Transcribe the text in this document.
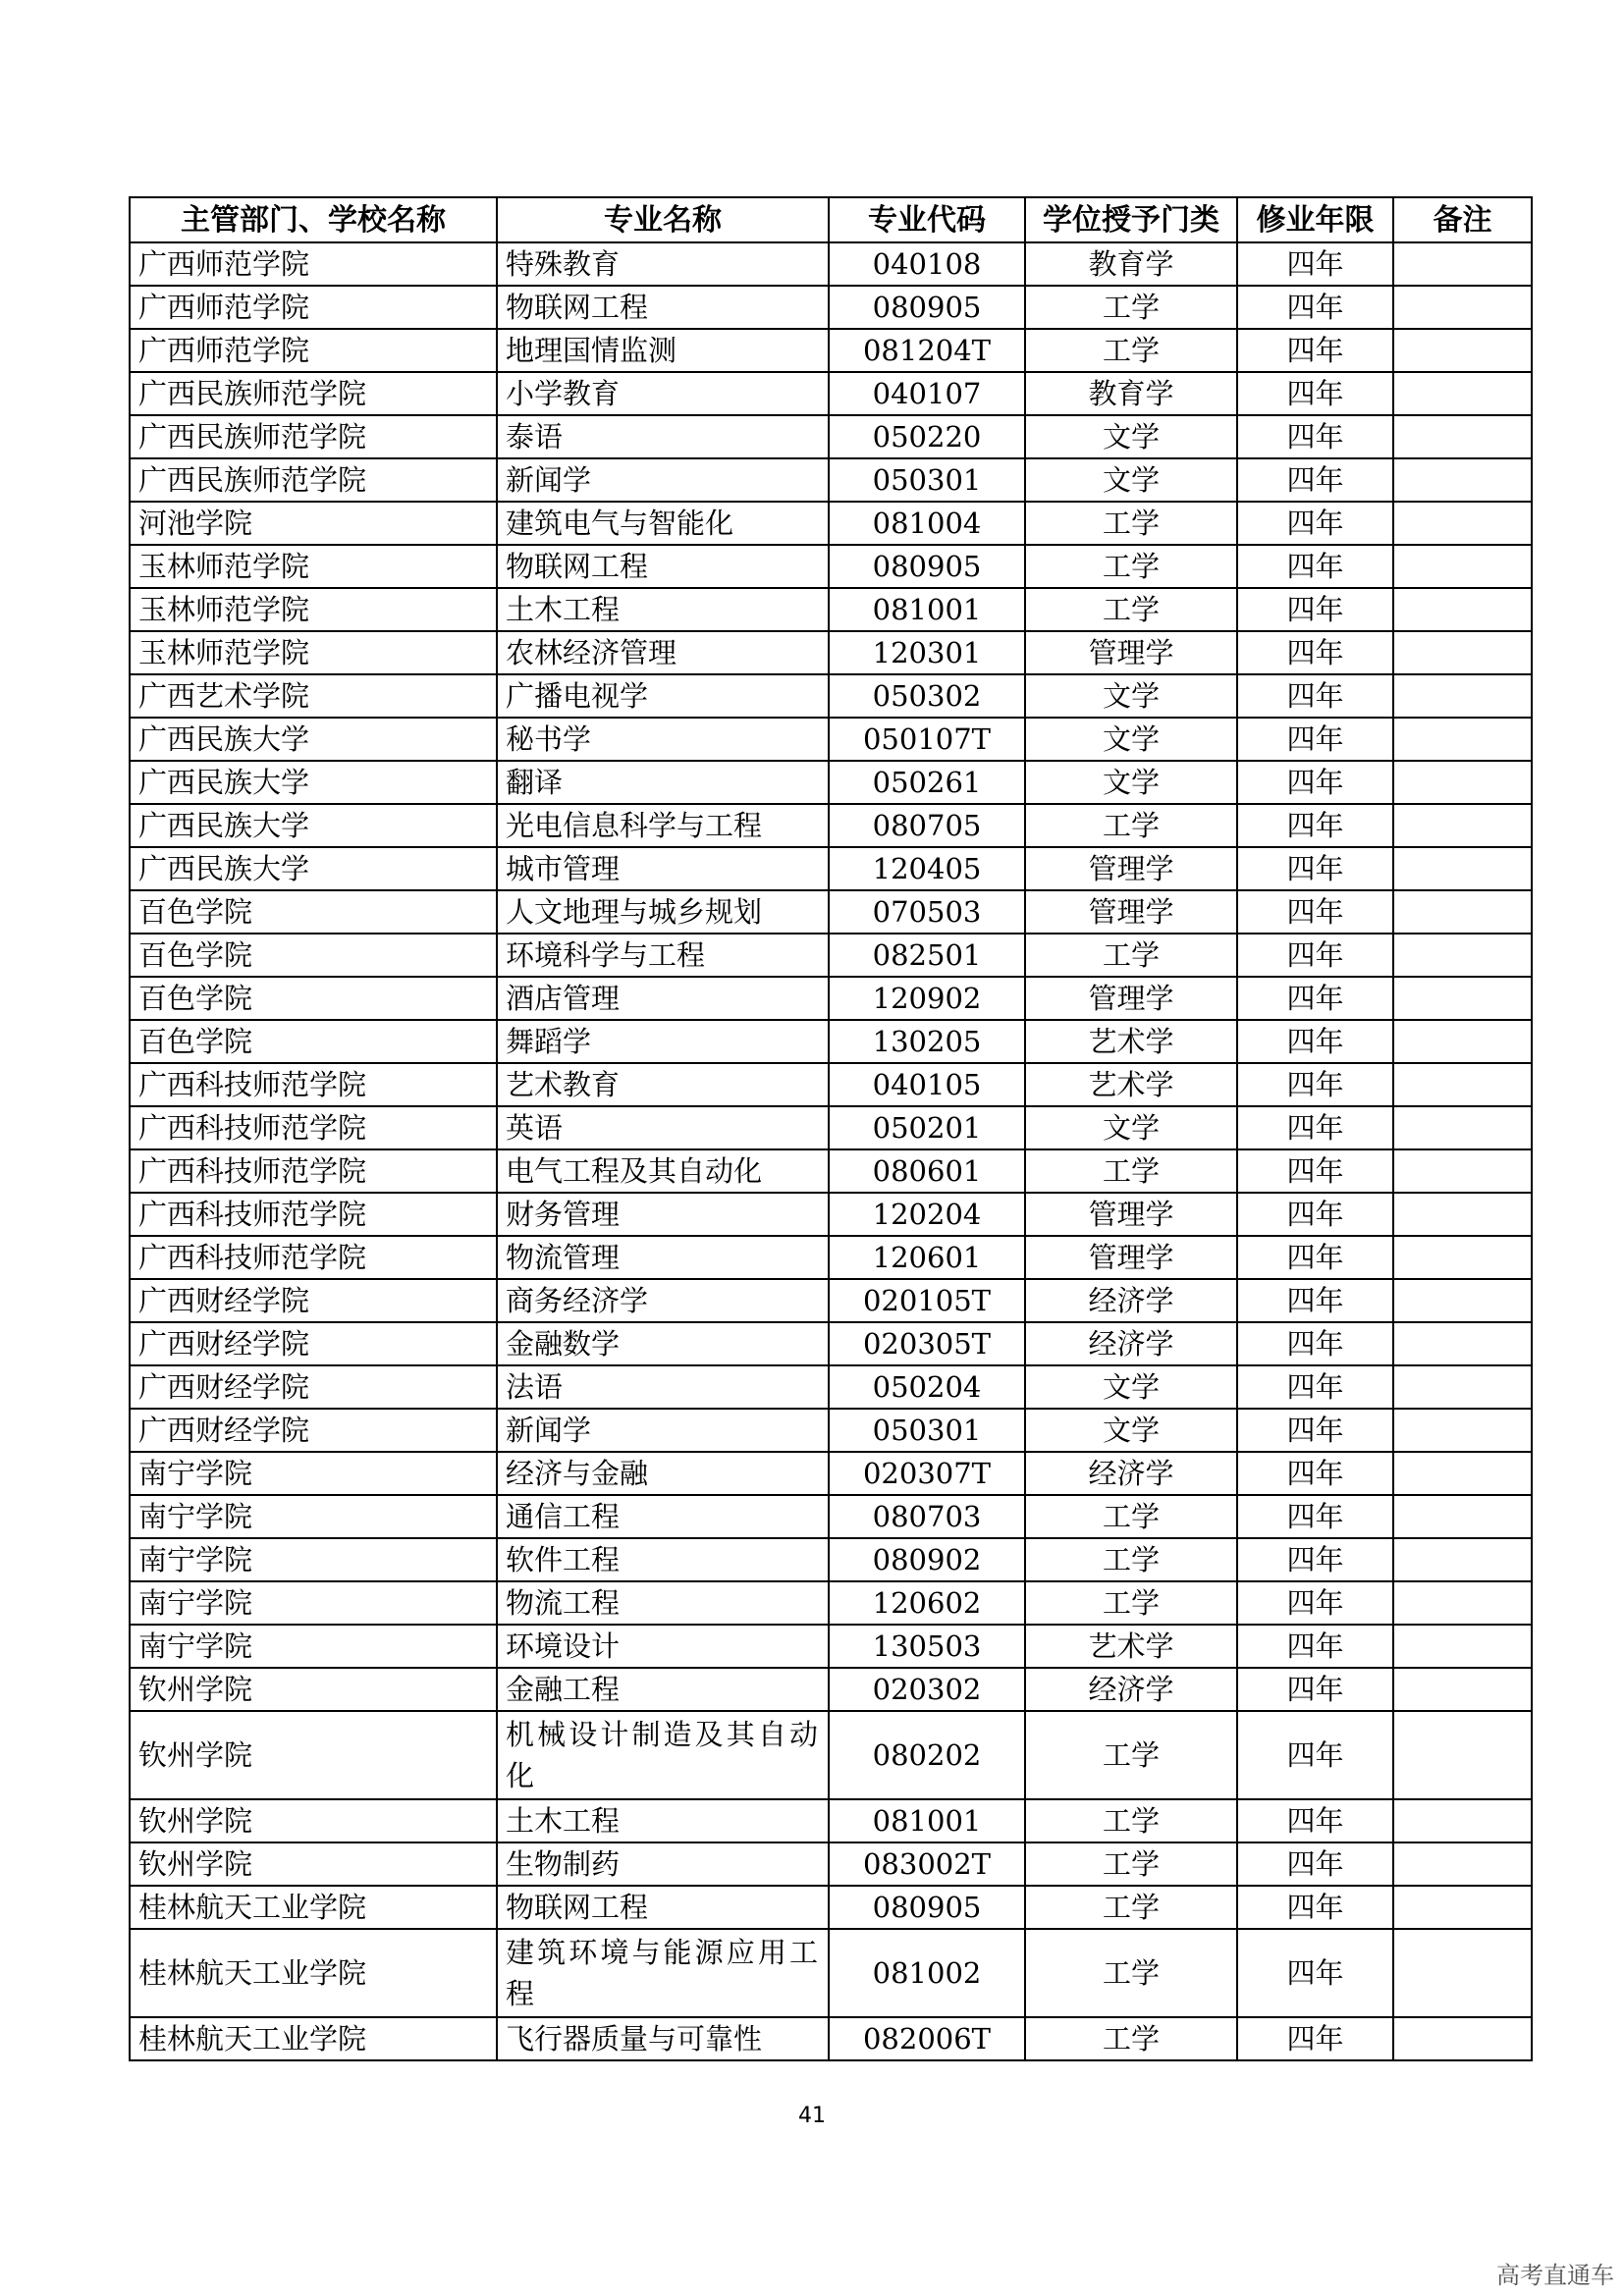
主管部门、学校名称	专业名称	专业代码	学位授予门类	修业年限	备注
广西师范学院	特殊教育	040108	教育学	四年	
广西师范学院	物联网工程	080905	工学	四年	
广西师范学院	地理国情监测	081204T	工学	四年	
广西民族师范学院	小学教育	040107	教育学	四年	
广西民族师范学院	泰语	050220	文学	四年	
广西民族师范学院	新闻学	050301	文学	四年	
河池学院	建筑电气与智能化	081004	工学	四年	
玉林师范学院	物联网工程	080905	工学	四年	
玉林师范学院	土木工程	081001	工学	四年	
玉林师范学院	农林经济管理	120301	管理学	四年	
广西艺术学院	广播电视学	050302	文学	四年	
广西民族大学	秘书学	050107T	文学	四年	
广西民族大学	翻译	050261	文学	四年	
广西民族大学	光电信息科学与工程	080705	工学	四年	
广西民族大学	城市管理	120405	管理学	四年	
百色学院	人文地理与城乡规划	070503	管理学	四年	
百色学院	环境科学与工程	082501	工学	四年	
百色学院	酒店管理	120902	管理学	四年	
百色学院	舞蹈学	130205	艺术学	四年	
广西科技师范学院	艺术教育	040105	艺术学	四年	
广西科技师范学院	英语	050201	文学	四年	
广西科技师范学院	电气工程及其自动化	080601	工学	四年	
广西科技师范学院	财务管理	120204	管理学	四年	
广西科技师范学院	物流管理	120601	管理学	四年	
广西财经学院	商务经济学	020105T	经济学	四年	
广西财经学院	金融数学	020305T	经济学	四年	
广西财经学院	法语	050204	文学	四年	
广西财经学院	新闻学	050301	文学	四年	
南宁学院	经济与金融	020307T	经济学	四年	
南宁学院	通信工程	080703	工学	四年	
南宁学院	软件工程	080902	工学	四年	
南宁学院	物流工程	120602	工学	四年	
南宁学院	环境设计	130503	艺术学	四年	
钦州学院	金融工程	020302	经济学	四年	
钦州学院	机械设计制造及其自动化	080202	工学	四年	
钦州学院	土木工程	081001	工学	四年	
钦州学院	生物制药	083002T	工学	四年	
桂林航天工业学院	物联网工程	080905	工学	四年	
桂林航天工业学院	建筑环境与能源应用工程	081002	工学	四年	
桂林航天工业学院	飞行器质量与可靠性	082006T	工学	四年	
41
高考直通车
